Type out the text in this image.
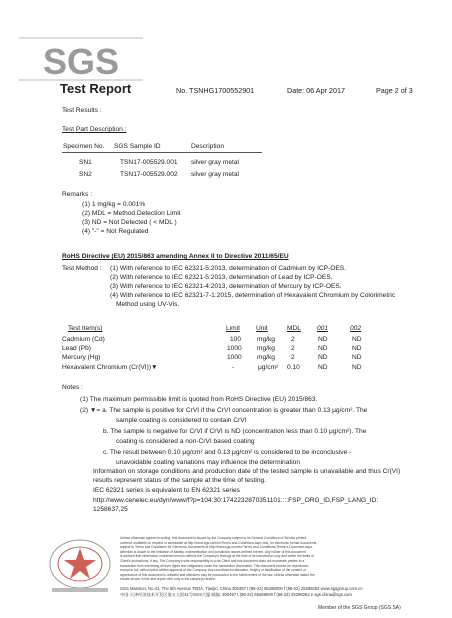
SGS
Test Report	No. TSNHG1700552901	Date: 06 Apr 2017	Page 2 of 3
Test Results :
Test Part Description :
Specimen No. SGS Sample ID	Description
SN1	TSN17-005529.001 silver gray metal
SN2	TSN17-005529.002 silver gray metal
Remarks :
(1) 1 mg/kg = 0.001%
(2) MDL = Method Detection Limit
(3) ND = Not Detected ( < MDL )
(4) "-" = Not Regulated
RoHS Directive (EU) 2015/863 amending Annex II to Directive 2011/65/EU
Test Method : (1) With reference to IEC 62321-5:2013, determination of Cadmium by ICP-OES.
(2) With reference to IEC 62321-5:2013, determination of Lead by ICP-OES.
(3) With reference to IEC 62321-4:2013, determination of Mercury by ICP-OES.
(4) With reference to IEC 62321-7-1:2015, determination of Hexavalent Chromium by Colorimetric
Method using UV-Vis.
Test Item(s)	Limit Unit	MDL 001	002
Cadmium (Cd)	100 mg/kg 2	ND	ND
Lead (Pb)	1000 mg/kg 2	ND	ND
Mercury (Hg)	1000 mg/kg 2	ND	ND
Hexavalent Chromium (Cr(VI))▼	-	μg/cm² 0.10	ND	ND
Notes :
(1) The maximum permissible limit is quoted from RoHS Directive (EU) 2015/863.
(2) ▼= a. The sample is positive for CrVI if the CrVI concentration is greater than 0.13 μg/cm². The
sample coating is considered to contain CrVI
b. The sample is negative for CrVI if CrVI is ND (concentration less than 0.10 μg/cm²). The
coating is considered a non-CrVI based coating
c. The result between 0.10 μg/cm² and 0.13 μg/cm² is considered to be inconclusive -
unavoidable coating variations may influence the determination
Information on storage conditions and production date of the tested sample is unavailable and thus Cr(VI)
results represent status of the sample at the time of testing.
IEC 62321 series is equivalent to EN 62321 series
http://www.cenelec.eu/dyn/www/f?p=104:30:1742232870351101::::FSP_ORG_ID,FSP_LANG_ID:
1258637,25
Unless otherwise agreed in writing, this document is issued by the Company subject to its General Conditions of Service printed
overleaf, available on request or accessible at http://www.sgs.com/en/Terms-and-Conditions.aspx and, for electronic format documents,
subject to Terms and Conditions for Electronic Documents at http://www.sgs.com/en/Terms-and-Conditions/Terms-e-Document.aspx.
Attention is drawn to the limitation of liability, indemnification and jurisdiction issues defined therein. Any holder of this document
is advised that information contained hereon reflects the Company's findings at the time of its intervention only and within the limits of
Client's instructions, if any. The Company's sole responsibility is to its Client and this document does not exonerate parties to a
transaction from exercising all their rights and obligations under the transaction documents. This document cannot be reproduced
except in full, without prior written approval of the Company. Any unauthorized alteration, forgery or falsification of the content or
appearance of this document is unlawful and offenders may be prosecuted to the fullest extent of the law. Unless otherwise stated the
results shown in this test report refer only to the sample(s) tested.
SGS Mansion, No.41, The 5th Avenue TEDA, Tianjin, China 300457 t (86-22) 65288000 f (86-22) 25298252 www.sgsgroup.com.cn
中国·天津经济技术开发区第五大街41号SGS大厦 邮编: 300457 t (86-22) 65288000 f (86-22) 25298252 e sgs.china@sgs.com
Member of the SGS Group (SGS SA)
